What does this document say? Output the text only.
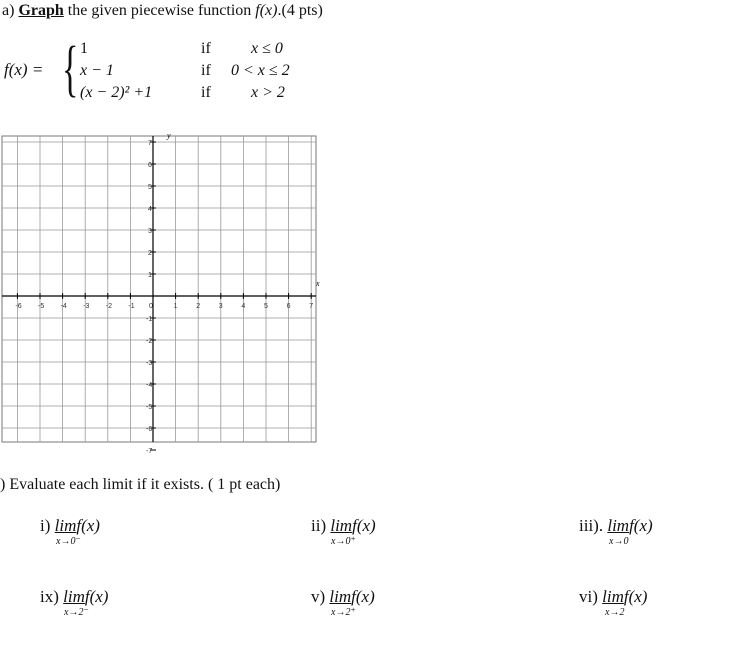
a) Graph the given piecewise function f(x).(4 pts)
f(x) = { 1	if	x ≤ 0
x − 1	if 0 < x ≤ 2
(x − 2)² +1	if	x > 2
x
y
-6 -5 -4 -3 -2 -1 0	1	2	3	4	5	6	7
7
6
5
4
3
2
1
-1
-2
-3
-4
-5
-6
-7
) Evaluate each limit if it exists. ( 1 pt each)
i) limf(x)
x→0⁻
ii) limf(x)
x→0⁺
iii). limf(x)
x→0
ix) limf(x)
x→2⁻
v) limf(x)
x→2⁺
vi) limf(x)
x→2
